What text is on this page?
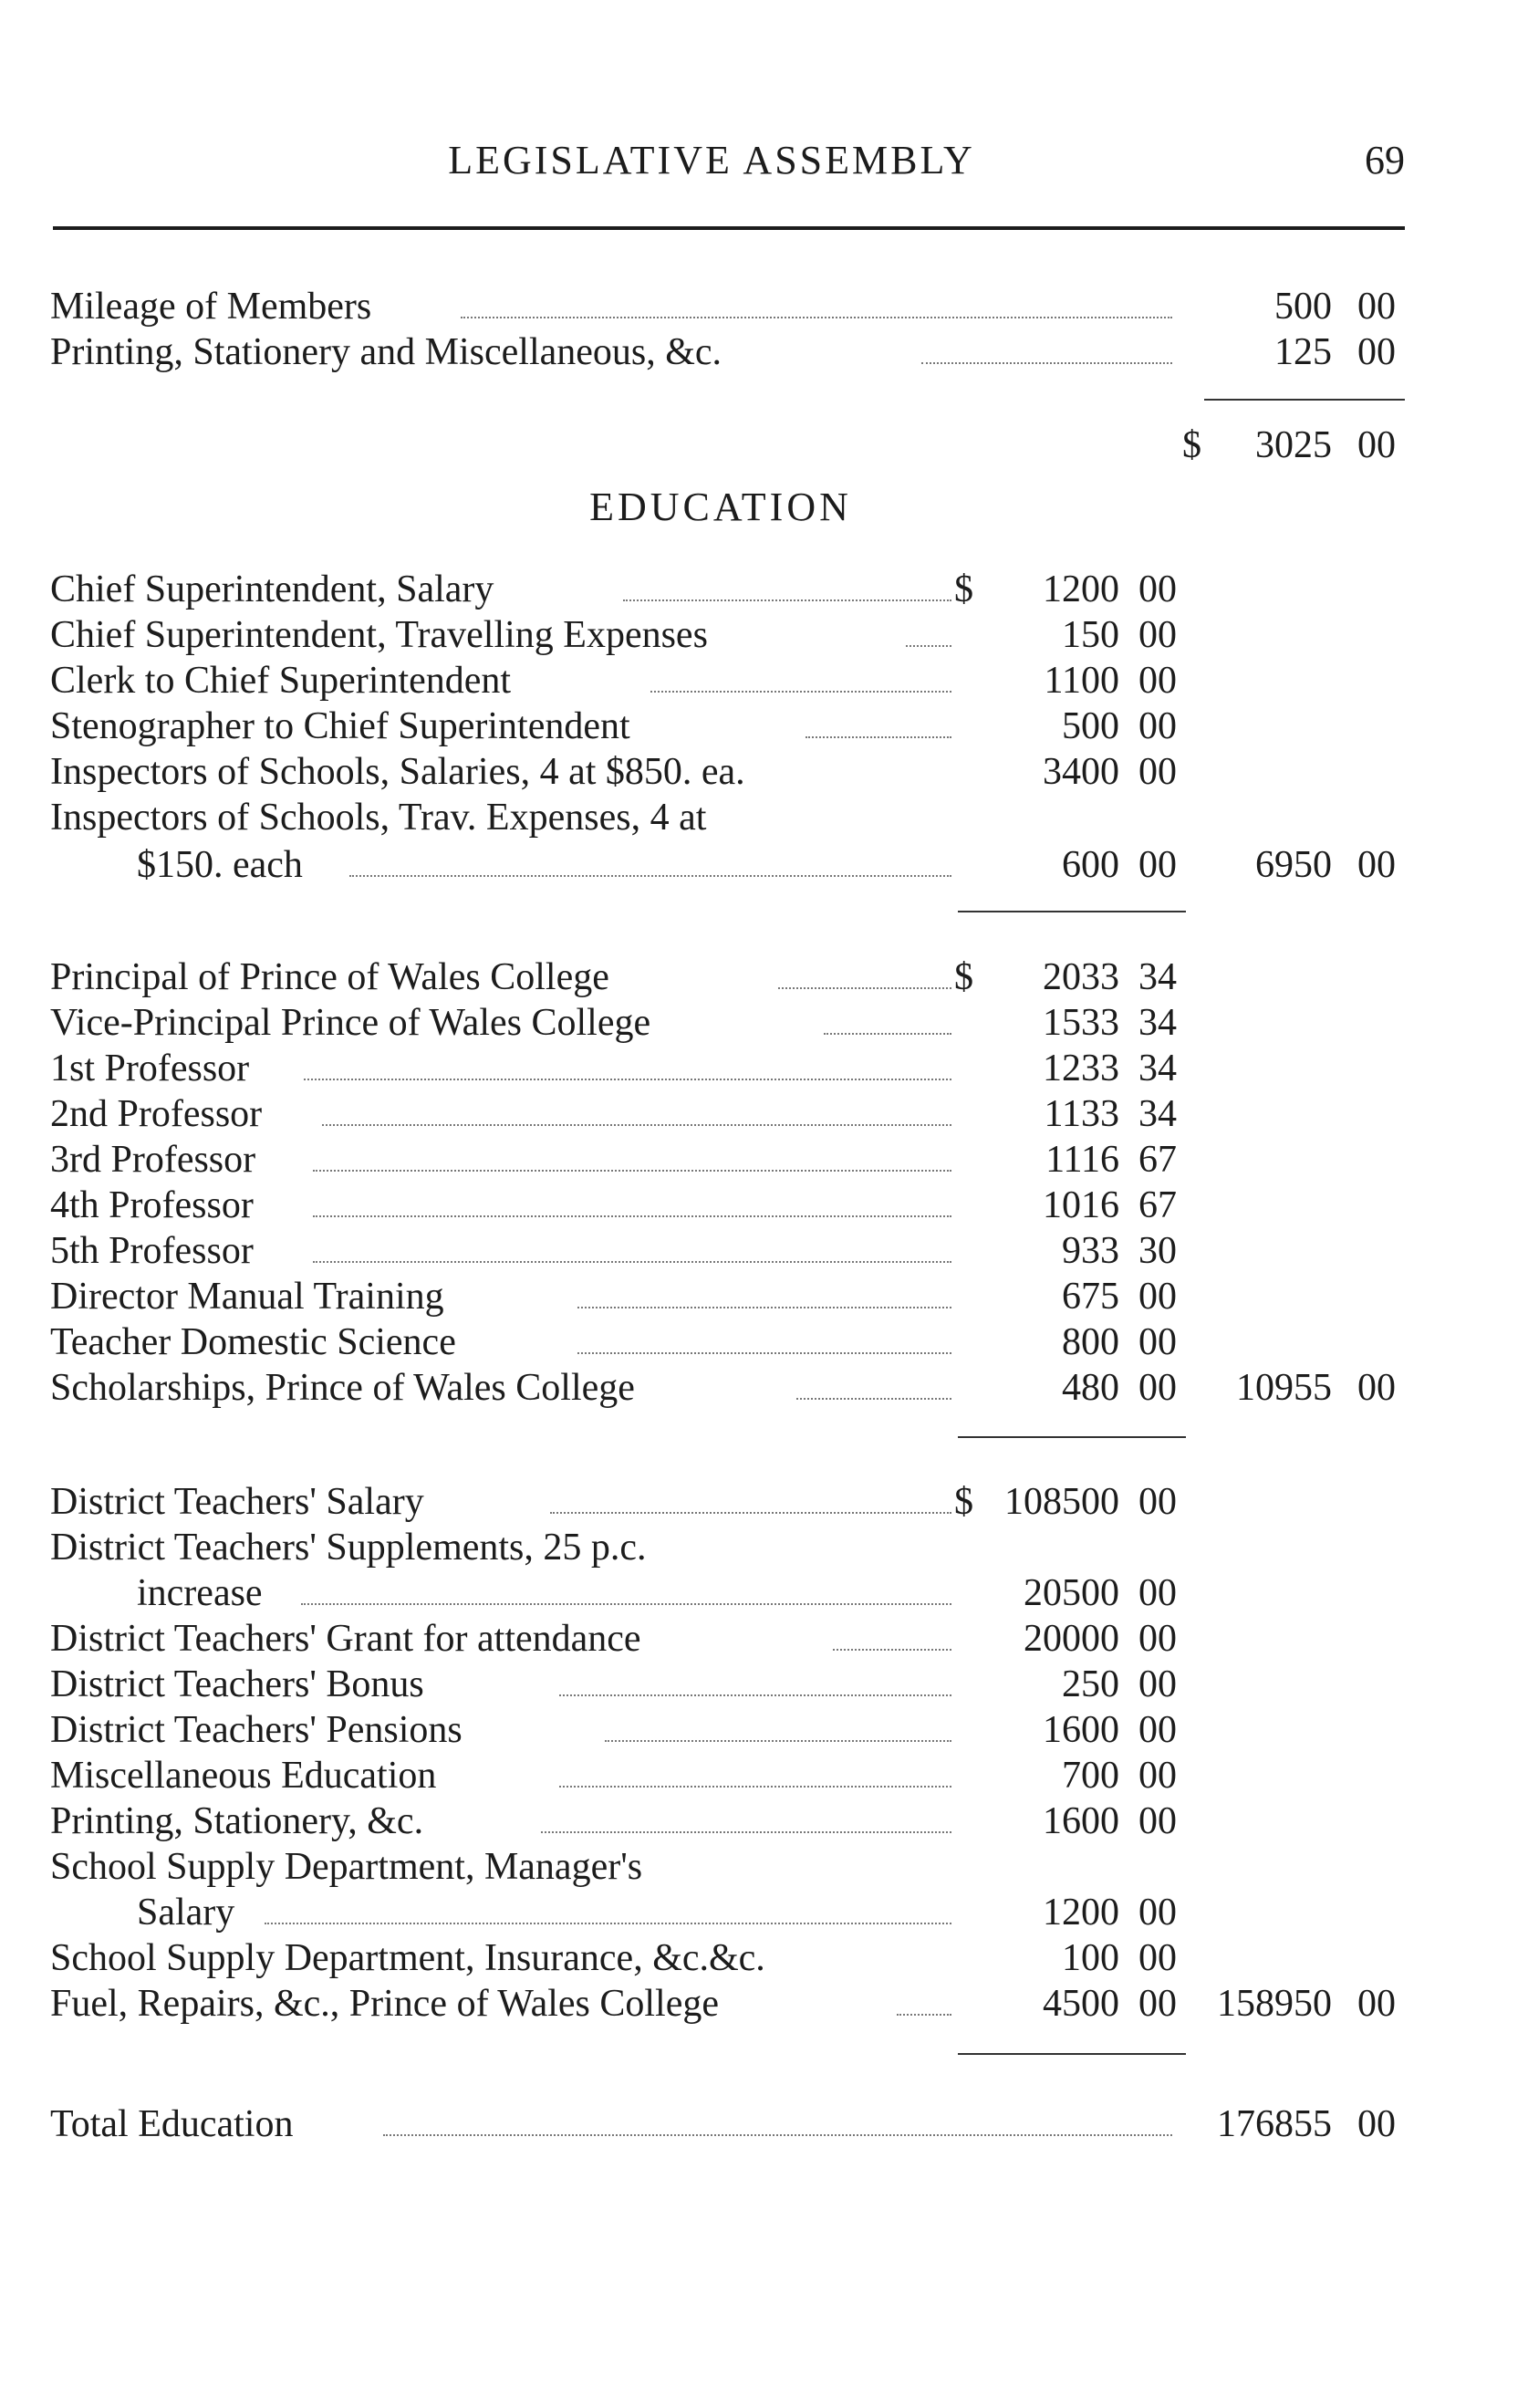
LEGISLATIVE ASSEMBLY	69
Mileage of Members	500 00
Printing, Stationery and Miscellaneous, &c.	125 00
$ 3025 00
EDUCATION
Chief Superintendent, Salary	$ 1200 00
Chief Superintendent, Travelling Expenses	150 00
Clerk to Chief Superintendent	1100 00
Stenographer to Chief Superintendent	500 00
Inspectors of Schools, Salaries, 4 at $850. ea.	3400 00
Inspectors of Schools, Trav. Expenses, 4 at
$150. each	600 00 6950 00
Principal of Prince of Wales College	$ 2033 34
Vice-Principal Prince of Wales College	1533 34
1st Professor	1233 34
2nd Professor	1133 34
3rd Professor	1116 67
4th Professor	1016 67
5th Professor	933 30
Director Manual Training	675 00
Teacher Domestic Science	800 00
Scholarships, Prince of Wales College	480 00 10955 00
District Teachers' Salary	$ 108500 00
District Teachers' Supplements, 25 p.c.
increase	20500 00
District Teachers' Grant for attendance	20000 00
District Teachers' Bonus	250 00
District Teachers' Pensions	1600 00
Miscellaneous Education	700 00
Printing, Stationery, &c.	1600 00
School Supply Department, Manager's
Salary	1200 00
School Supply Department, Insurance, &c.&c.	100 00
Fuel, Repairs, &c., Prince of Wales College	4500 00 158950 00
Total Education	176855 00
